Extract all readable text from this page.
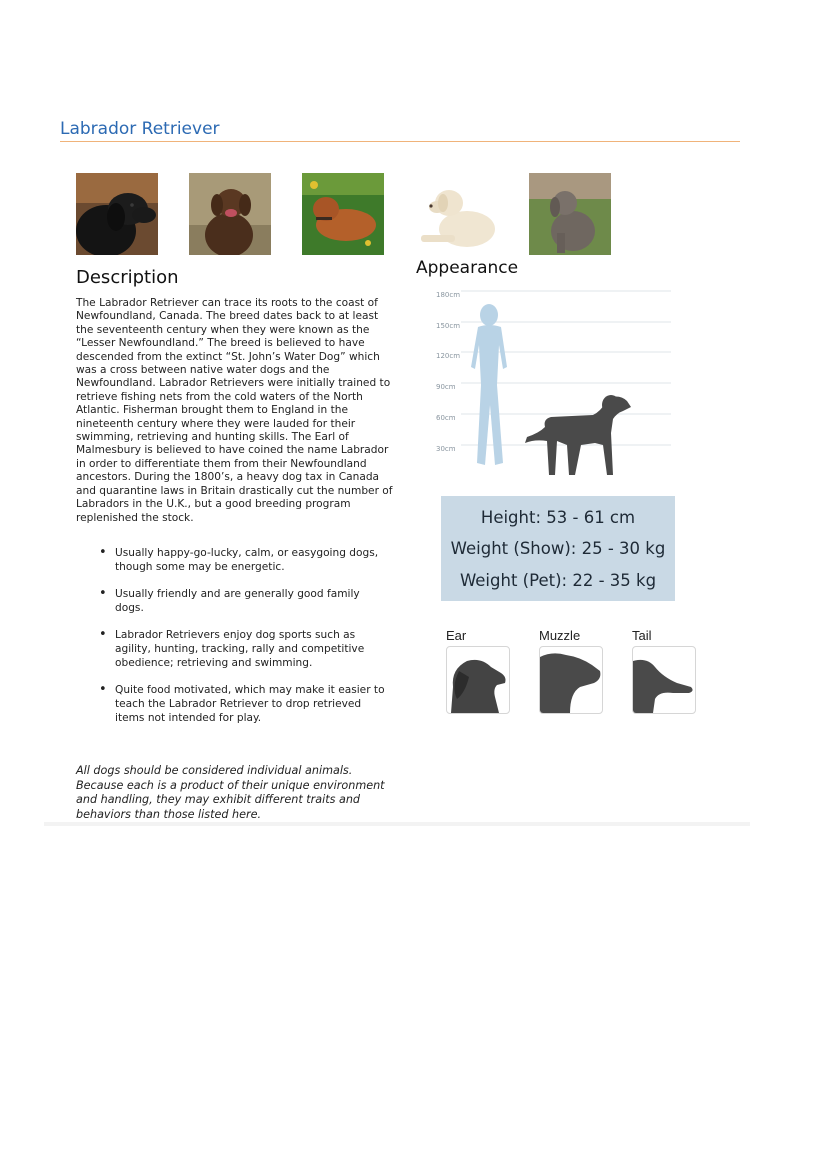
Labrador Retriever
Description
The Labrador Retriever can trace its roots to the coast of Newfoundland, Canada. The breed dates back to at least the seventeenth century when they were known as the “Lesser Newfoundland.” The breed is believed to have descended from the extinct “St. John’s Water Dog” which was a cross between native water dogs and the Newfoundland. Labrador Retrievers were initially trained to retrieve fishing nets from the cold waters of the North Atlantic. Fisherman brought them to England in the nineteenth century where they were lauded for their swimming, retrieving and hunting skills. The Earl of Malmesbury is believed to have coined the name Labrador in order to differentiate them from their Newfoundland ancestors. During the 1800’s, a heavy dog tax in Canada and quarantine laws in Britain drastically cut the number of Labradors in the U.K., but a good breeding program replenished the stock.
• Usually happy-go-lucky, calm, or easygoing dogs, though some may be energetic.
• Usually friendly and are generally good family dogs.
• Labrador Retrievers enjoy dog sports such as agility, hunting, tracking, rally and competitive obedience; retrieving and swimming.
• Quite food motivated, which may make it easier to teach the Labrador Retriever to drop retrieved items not intended for play.
All dogs should be considered individual animals. Because each is a product of their unique environment and handling, they may exhibit different traits and behaviors than those listed here.
Appearance
180cm
150cm
120cm
90cm
60cm
30cm
Height: 53 - 61 cm
Weight (Show): 25 - 30 kg
Weight (Pet): 22 - 35 kg
Ear	Muzzle	Tail
